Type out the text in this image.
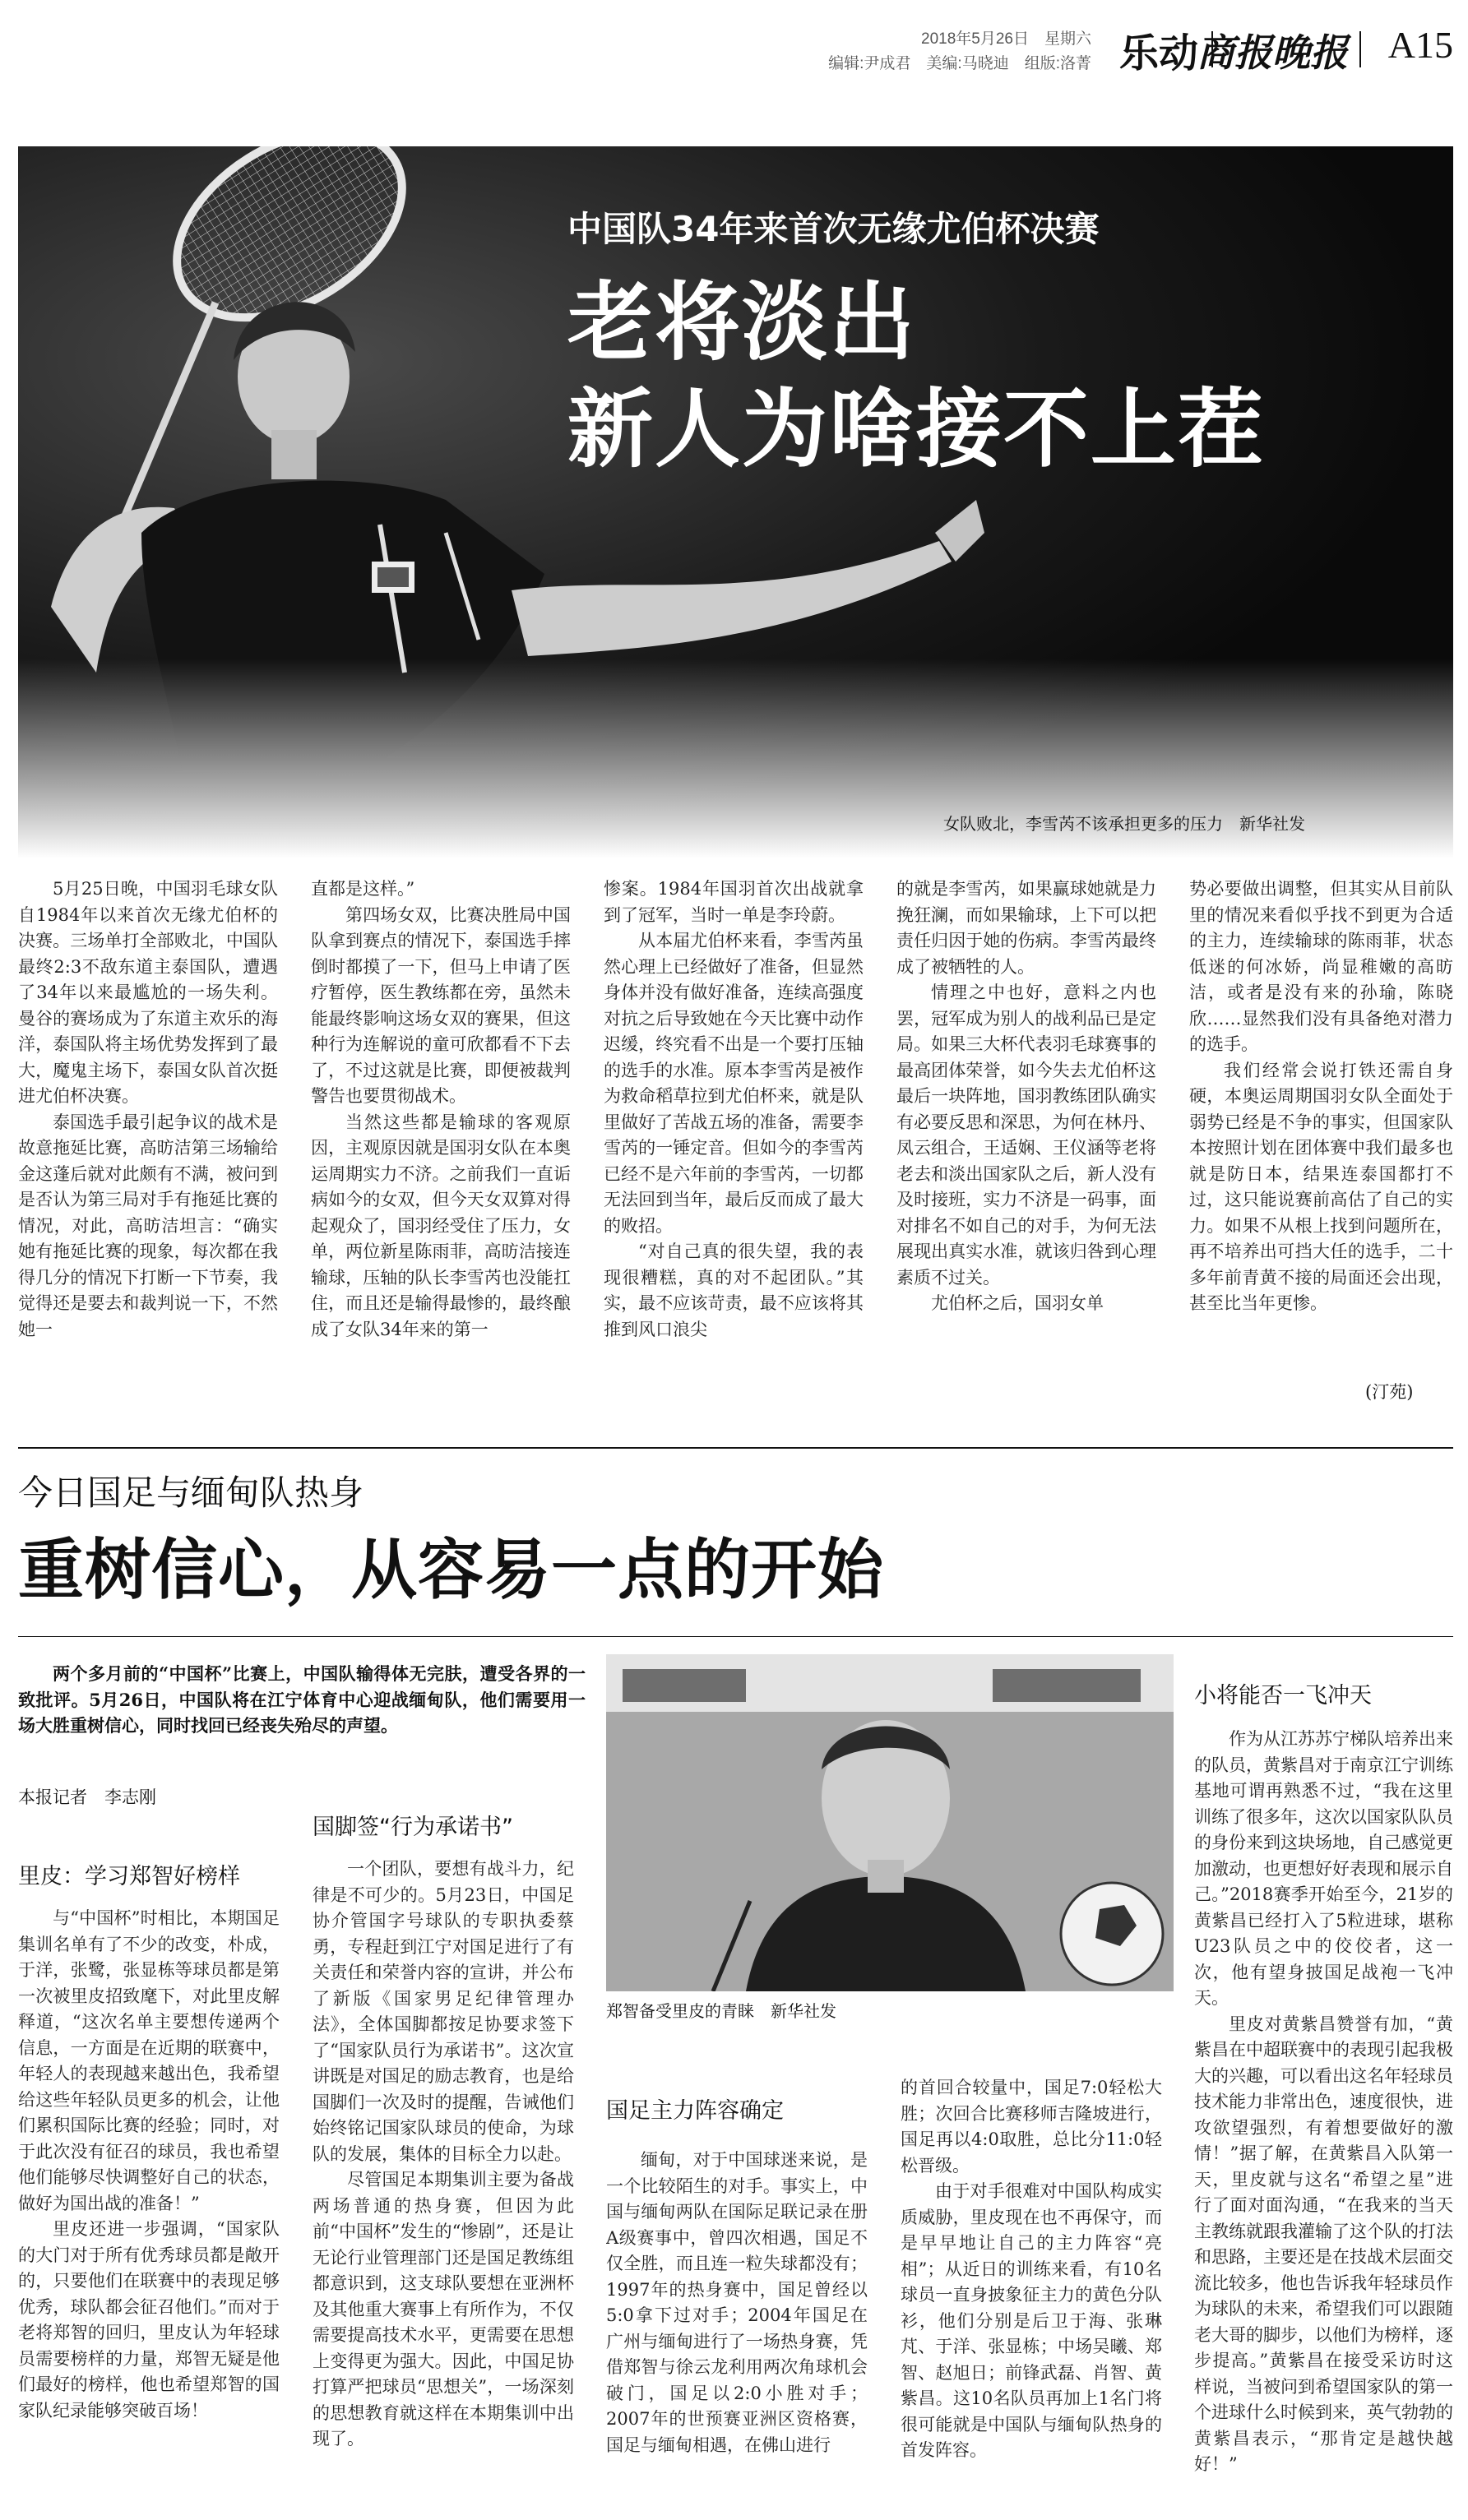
2018年5月26日　星期六
编辑:尹成君　美编:马晓迪　组版:洛菁 乐动
商报晚报 A15
中国队34年来首次无缘尤伯杯决赛
老将淡出
新人为啥接不上茬
女队败北，李雪芮不该承担更多的压力　新华社发

5月25日晚，中国羽毛球女队自1984年以来首次无缘尤伯杯的决赛。三场单打全部败北，中国队最终2:3不敌东道主泰国队，遭遇了34年以来最尴尬的一场失利。曼谷的赛场成为了东道主欢乐的海洋，泰国队将主场优势发挥到了最大，魔鬼主场下，泰国女队首次挺进尤伯杯决赛。

泰国选手最引起争议的战术是故意拖延比赛，高昉洁第三场输给金这蓬后就对此颇有不满，被问到是否认为第三局对手有拖延比赛的情况，对此，高昉洁坦言：“确实她有拖延比赛的现象，每次都在我得几分的情况下打断一下节奏，我觉得还是要去和裁判说一下，不然她一

直都是这样。”

第四场女双，比赛决胜局中国队拿到赛点的情况下，泰国选手摔倒时都摸了一下，但马上申请了医疗暂停，医生教练都在旁，虽然未能最终影响这场女双的赛果，但这种行为连解说的童可欣都看不下去了，不过这就是比赛，即便被裁判警告也要贯彻战术。

当然这些都是输球的客观原因，主观原因就是国羽女队在本奥运周期实力不济。之前我们一直诟病如今的女双，但今天女双算对得起观众了，国羽经受住了压力，女单，两位新星陈雨菲，高昉洁接连输球，压轴的队长李雪芮也没能扛住，而且还是输得最惨的，最终酿成了女队34年来的第一

惨案。1984年国羽首次出战就拿到了冠军，当时一单是李玲蔚。

从本届尤伯杯来看，李雪芮虽然心理上已经做好了准备，但显然身体并没有做好准备，连续高强度对抗之后导致她在今天比赛中动作迟缓，终究看不出是一个要打压轴的选手的水准。原本李雪芮是被作为救命稻草拉到尤伯杯来，就是队里做好了苦战五场的准备，需要李雪芮的一锤定音。但如今的李雪芮已经不是六年前的李雪芮，一切都无法回到当年，最后反而成了最大的败招。

“对自己真的很失望，我的表现很糟糕，真的对不起团队。”其实，最不应该苛责，最不应该将其推到风口浪尖

的就是李雪芮，如果赢球她就是力挽狂澜，而如果输球，上下可以把责任归因于她的伤病。李雪芮最终成了被牺牲的人。

情理之中也好，意料之内也罢，冠军成为别人的战利品已是定局。如果三大杯代表羽毛球赛事的最高团体荣誉，如今失去尤伯杯这最后一块阵地，国羽教练团队确实有必要反思和深思，为何在林丹、凤云组合，王适娴、王仪涵等老将老去和淡出国家队之后，新人没有及时接班，实力不济是一码事，面对排名不如自己的对手，为何无法展现出真实水准，就该归咎到心理素质不过关。

尤伯杯之后，国羽女单

势必要做出调整，但其实从目前队里的情况来看似乎找不到更为合适的主力，连续输球的陈雨菲，状态低迷的何冰娇，尚显稚嫩的高昉洁，或者是没有来的孙瑜，陈晓欣……显然我们没有具备绝对潜力的选手。

我们经常会说打铁还需自身硬，本奥运周期国羽女队全面处于弱势已经是不争的事实，但国家队本按照计划在团体赛中我们最多也就是防日本，结果连泰国都打不过，这只能说赛前高估了自己的实力。如果不从根上找到问题所在，再不培养出可挡大任的选手，二十多年前青黄不接的局面还会出现，甚至比当年更惨。

(汀苑)
今日国足与缅甸队热身
重树信心，从容易一点的开始
两个多月前的“中国杯”比赛上，中国队输得体无完肤，遭受各界的一致批评。5月26日，中国队将在江宁体育中心迎战缅甸队，他们需要用一场大胜重树信心，同时找回已经丧失殆尽的声望。
本报记者　李志刚
里皮：学习郑智好榜样
国脚签“行为承诺书”
国足主力阵容确定
小将能否一飞冲天

与“中国杯”时相比，本期国足集训名单有了不少的改变，朴成，于洋，张鹭，张显栋等球员都是第一次被里皮招致麾下，对此里皮解释道，“这次名单主要想传递两个信息，一方面是在近期的联赛中，年轻人的表现越来越出色，我希望给这些年轻队员更多的机会，让他们累积国际比赛的经验；同时，对于此次没有征召的球员，我也希望他们能够尽快调整好自己的状态，做好为国出战的准备！”

里皮还进一步强调，“国家队的大门对于所有优秀球员都是敞开的，只要他们在联赛中的表现足够优秀，球队都会征召他们。”而对于老将郑智的回归，里皮认为年轻球员需要榜样的力量，郑智无疑是他们最好的榜样，他也希望郑智的国家队纪录能够突破百场！

一个团队，要想有战斗力，纪律是不可少的。5月23日，中国足协介管国字号球队的专职执委蔡勇，专程赶到江宁对国足进行了有关责任和荣誉内容的宣讲，并公布了新版《国家男足纪律管理办法》，全体国脚都按足协要求签下了“国家队员行为承诺书”。这次宣讲既是对国足的励志教育，也是给国脚们一次及时的提醒，告诫他们始终铭记国家队球员的使命，为球队的发展，集体的目标全力以赴。

尽管国足本期集训主要为备战两场普通的热身赛，但因为此前“中国杯”发生的“惨剧”，还是让无论行业管理部门还是国足教练组都意识到，这支球队要想在亚洲杯及其他重大赛事上有所作为，不仅需要提高技术水平，更需要在思想上变得更为强大。因此，中国足协打算严把球员“思想关”，一场深刻的思想教育就这样在本期集训中出现了。

缅甸，对于中国球迷来说，是一个比较陌生的对手。事实上，中国与缅甸两队在国际足联记录在册A级赛事中，曾四次相遇，国足不仅全胜，而且连一粒失球都没有；1997年的热身赛中，国足曾经以5:0拿下过对手；2004年国足在广州与缅甸进行了一场热身赛，凭借郑智与徐云龙利用两次角球机会破门，国足以2:0小胜对手；2007年的世预赛亚洲区资格赛，国足与缅甸相遇，在佛山进行

的首回合较量中，国足7:0轻松大胜；次回合比赛移师吉隆坡进行，国足再以4:0取胜，总比分11:0轻松晋级。

由于对手很难对中国队构成实质威胁，里皮现在也不再保守，而是早早地让自己的主力阵容“亮相”；从近日的训练来看，有10名球员一直身披象征主力的黄色分队衫，他们分别是后卫于海、张琳芃、于洋、张显栋；中场吴曦、郑智、赵旭日；前锋武磊、肖智、黄紫昌。这10名队员再加上1名门将很可能就是中国队与缅甸队热身的首发阵容。

作为从江苏苏宁梯队培养出来的队员，黄紫昌对于南京江宁训练基地可谓再熟悉不过，“我在这里训练了很多年，这次以国家队队员的身份来到这块场地，自己感觉更加激动，也更想好好表现和展示自己。”2018赛季开始至今，21岁的黄紫昌已经打入了5粒进球，堪称U23队员之中的佼佼者，这一次，他有望身披国足战袍一飞冲天。

里皮对黄紫昌赞誉有加，“黄紫昌在中超联赛中的表现引起我极大的兴趣，可以看出这名年轻球员技术能力非常出色，速度很快，进攻欲望强烈，有着想要做好的激情！”据了解，在黄紫昌入队第一天，里皮就与这名“希望之星”进行了面对面沟通，“在我来的当天主教练就跟我灌输了这个队的打法和思路，主要还是在技战术层面交流比较多，他也告诉我年轻球员作为球队的未来，希望我们可以跟随老大哥的脚步，以他们为榜样，逐步提高。”黄紫昌在接受采访时这样说，当被问到希望国家队的第一个进球什么时候到来，英气勃勃的黄紫昌表示，“那肯定是越快越好！”

郑智备受里皮的青睐　新华社发
